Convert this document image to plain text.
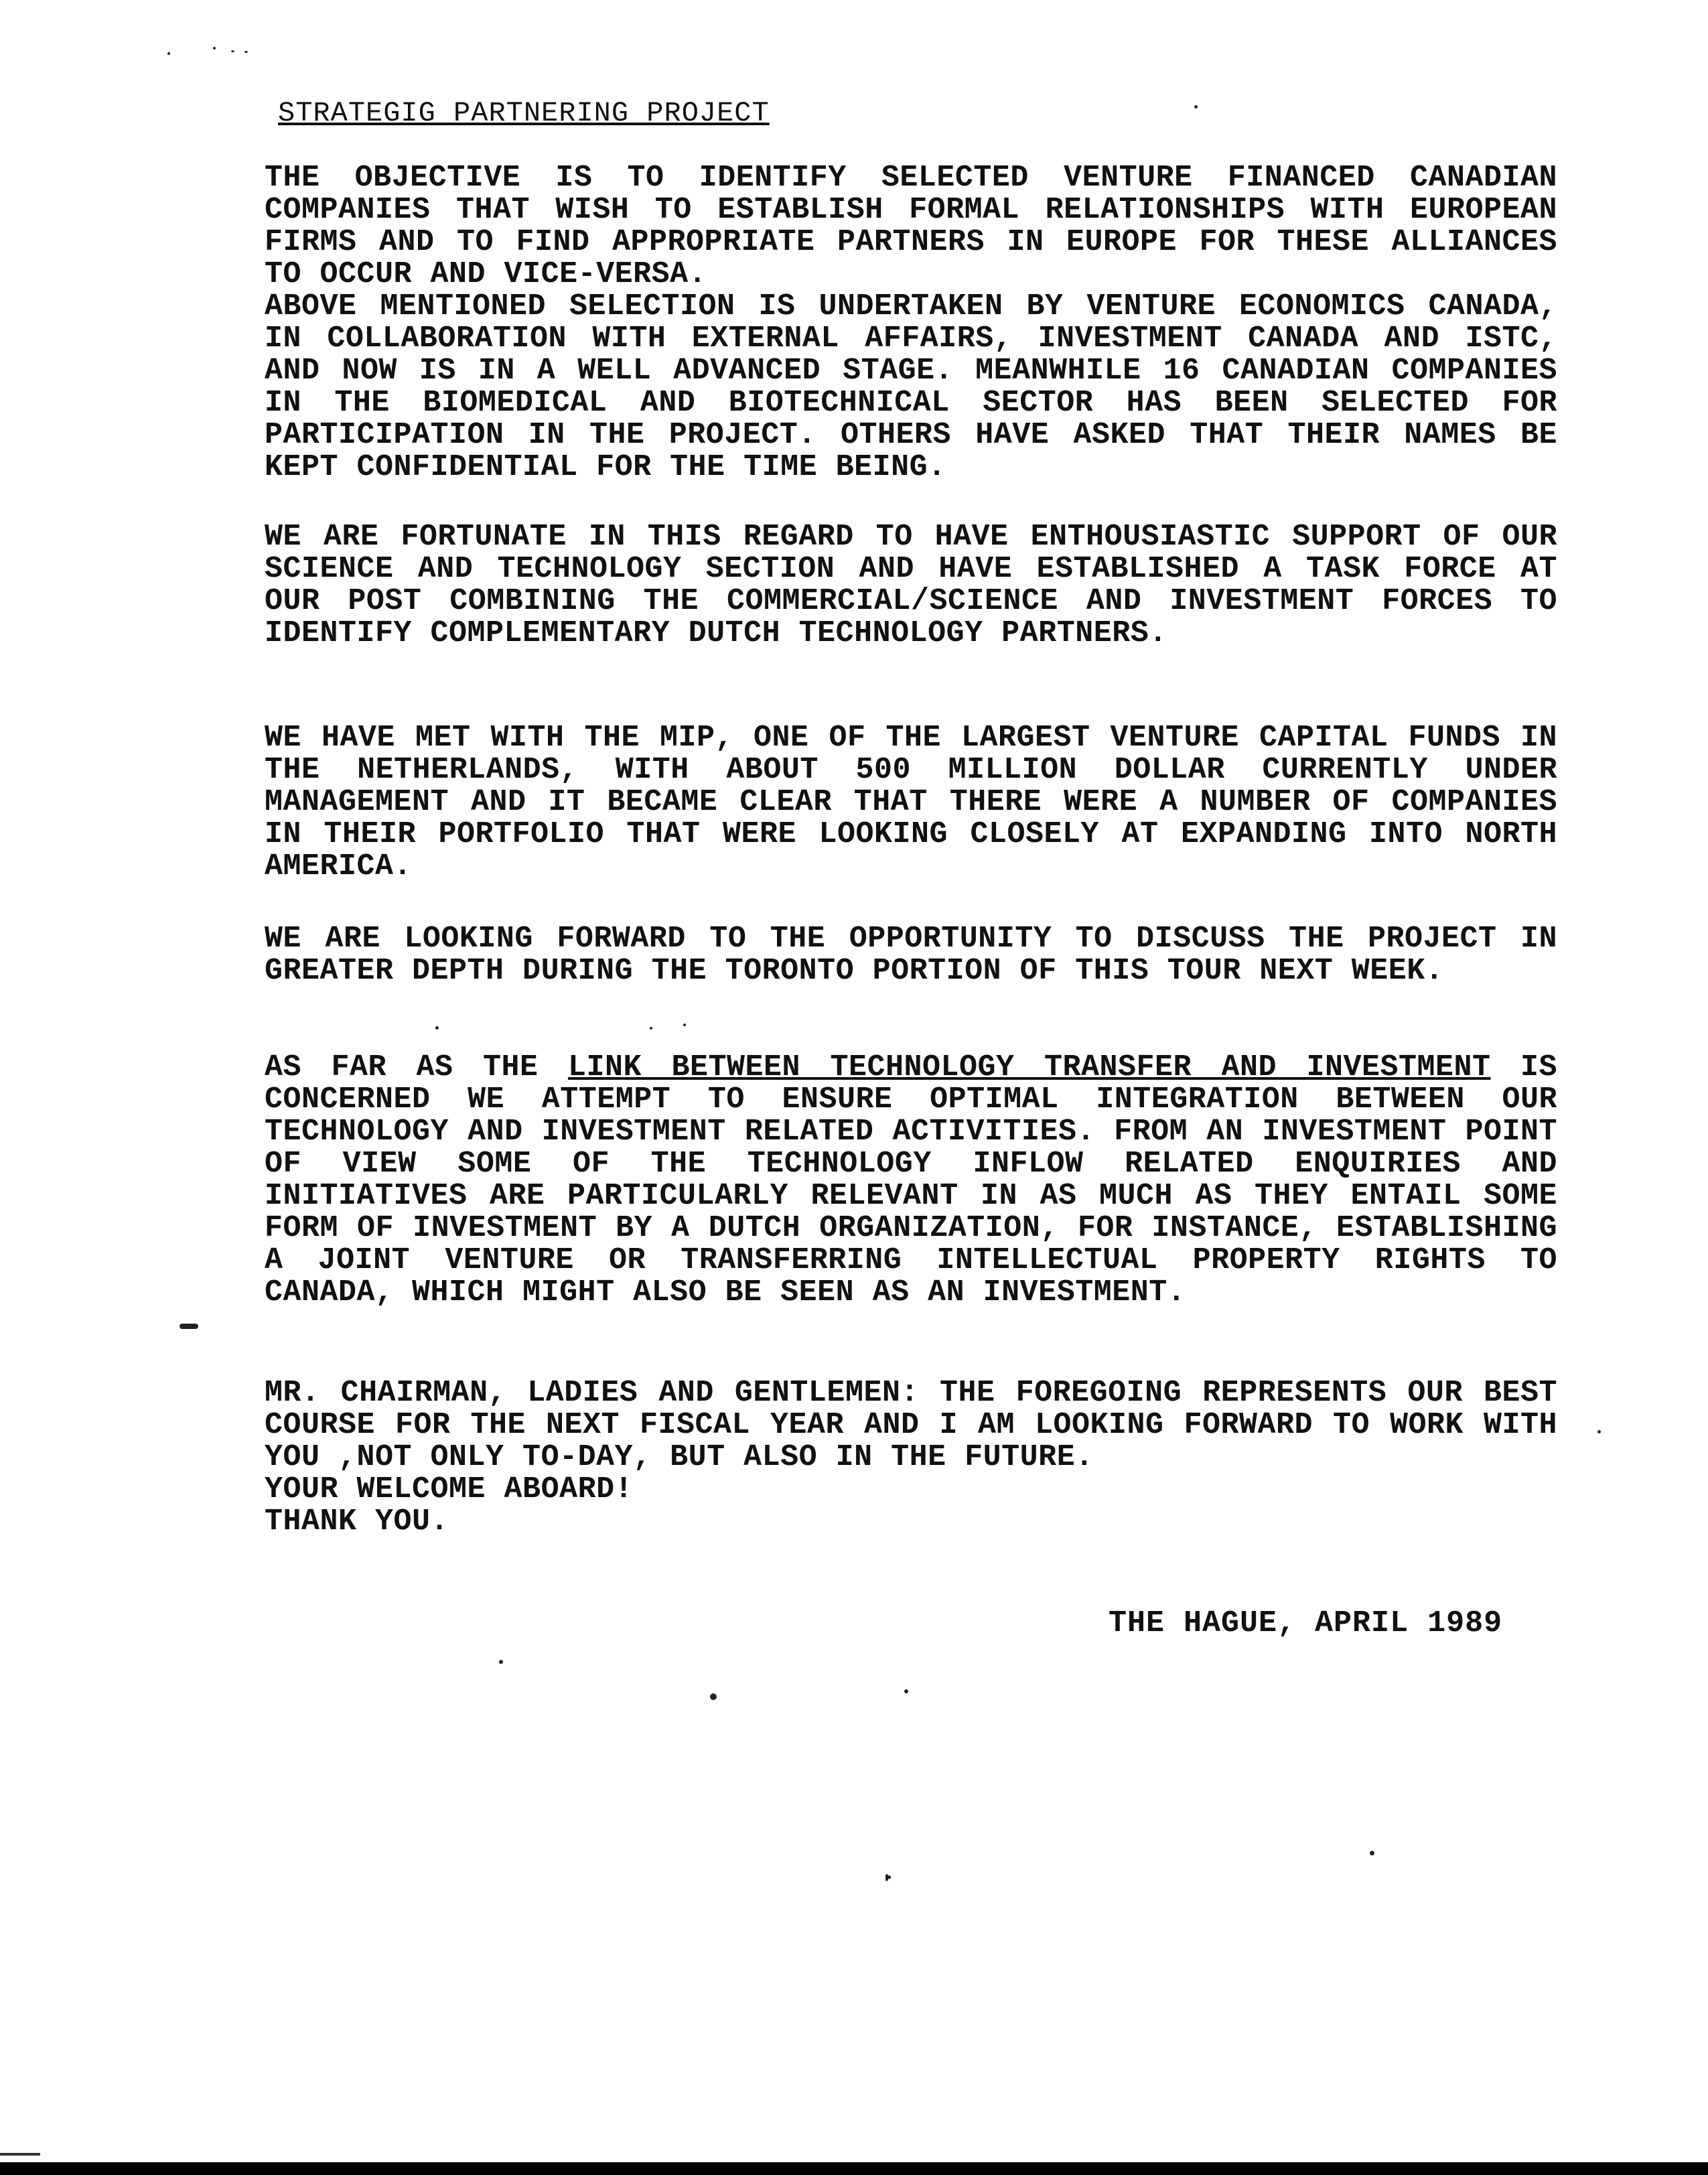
STRATEGIG PARTNERING PROJECT

THE OBJECTIVE IS TO IDENTIFY SELECTED VENTURE FINANCED CANADIAN COMPANIES THAT WISH TO ESTABLISH FORMAL RELATIONSHIPS WITH EUROPEAN FIRMS AND TO FIND APPROPRIATE PARTNERS IN EUROPE FOR THESE ALLIANCES TO OCCUR AND VICE-VERSA.

ABOVE MENTIONED SELECTION IS UNDERTAKEN BY VENTURE ECONOMICS CANADA, IN COLLABORATION WITH EXTERNAL AFFAIRS, INVESTMENT CANADA AND ISTC, AND NOW IS IN A WELL ADVANCED STAGE. MEANWHILE 16 CANADIAN COMPANIES IN THE BIOMEDICAL AND BIOTECHNICAL SECTOR HAS BEEN SELECTED FOR PARTICIPATION IN THE PROJECT. OTHERS HAVE ASKED THAT THEIR NAMES BE KEPT CONFIDENTIAL FOR THE TIME BEING.

WE ARE FORTUNATE IN THIS REGARD TO HAVE ENTHOUSIASTIC SUPPORT OF OUR SCIENCE AND TECHNOLOGY SECTION AND HAVE ESTABLISHED A TASK FORCE AT OUR POST COMBINING THE COMMERCIAL/SCIENCE AND INVESTMENT FORCES TO IDENTIFY COMPLEMENTARY DUTCH TECHNOLOGY PARTNERS.

WE HAVE MET WITH THE MIP, ONE OF THE LARGEST VENTURE CAPITAL FUNDS IN THE NETHERLANDS, WITH ABOUT 500 MILLION DOLLAR CURRENTLY UNDER MANAGEMENT AND IT BECAME CLEAR THAT THERE WERE A NUMBER OF COMPANIES IN THEIR PORTFOLIO THAT WERE LOOKING CLOSELY AT EXPANDING INTO NORTH AMERICA.

WE ARE LOOKING FORWARD TO THE OPPORTUNITY TO DISCUSS THE PROJECT IN GREATER DEPTH DURING THE TORONTO PORTION OF THIS TOUR NEXT WEEK.

AS FAR AS THE LINK BETWEEN TECHNOLOGY TRANSFER AND INVESTMENT IS CONCERNED WE ATTEMPT TO ENSURE OPTIMAL INTEGRATION BETWEEN OUR TECHNOLOGY AND INVESTMENT RELATED ACTIVITIES. FROM AN INVESTMENT POINT OF VIEW SOME OF THE TECHNOLOGY INFLOW RELATED ENQUIRIES AND INITIATIVES ARE PARTICULARLY RELEVANT IN AS MUCH AS THEY ENTAIL SOME FORM OF INVESTMENT BY A DUTCH ORGANIZATION, FOR INSTANCE, ESTABLISHING A JOINT VENTURE OR TRANSFERRING INTELLECTUAL PROPERTY RIGHTS TO CANADA, WHICH MIGHT ALSO BE SEEN AS AN INVESTMENT.

MR. CHAIRMAN, LADIES AND GENTLEMEN: THE FOREGOING REPRESENTS OUR BEST COURSE FOR THE NEXT FISCAL YEAR AND I AM LOOKING FORWARD TO WORK WITH YOU ,NOT ONLY TO-DAY, BUT ALSO IN THE FUTURE.

YOUR WELCOME ABOARD!
THANK YOU.
THE HAGUE, APRIL 1989
